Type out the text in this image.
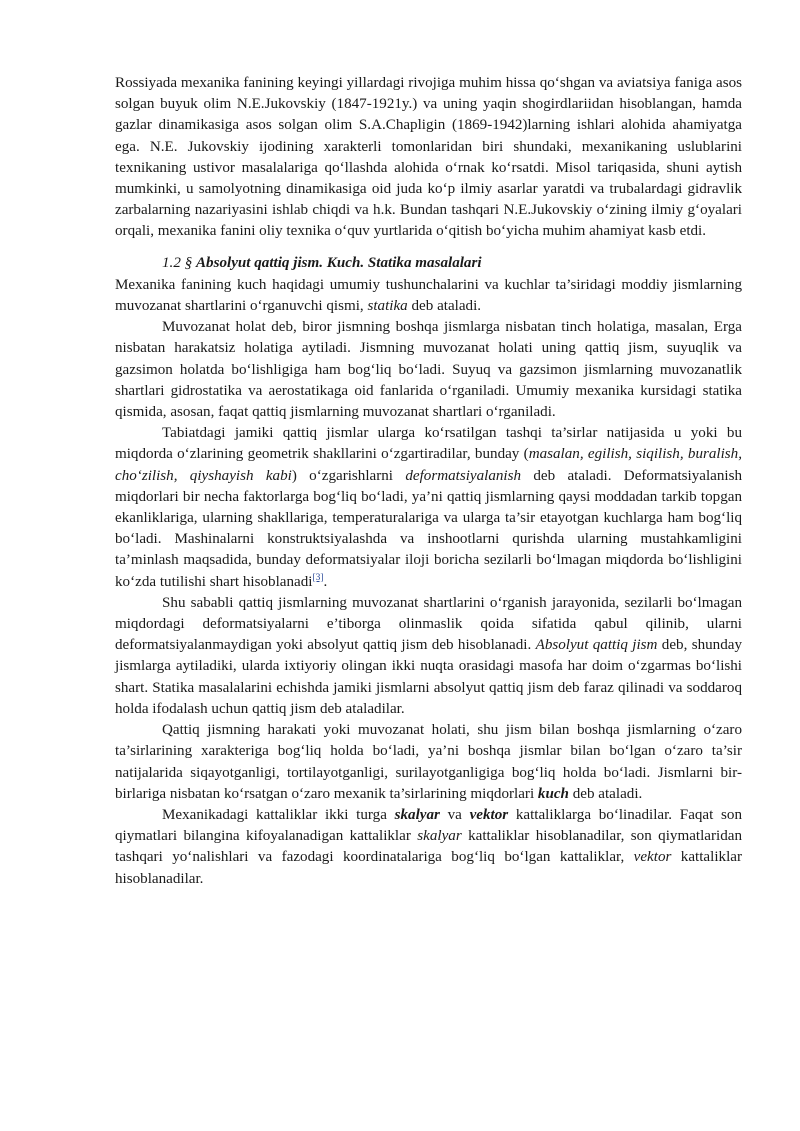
Rossiyada mexanika fanining keyingi yillardagi rivojiga muhim hissa qo‘shgan va aviatsiya faniga asos solgan buyuk olim N.E.Jukovskiy (1847-1921y.) va uning yaqin shogirdlariidan hisoblangan, hamda gazlar dinamikasiga asos solgan olim S.A.Chapligin (1869-1942)larning ishlari alohida ahamiyatga ega. N.E. Jukovskiy ijodining xarakterli tomonlaridan biri shundaki, mexanikaning uslublarini texnikaning ustivor masalalariga qo‘llashda alohida o‘rnak ko‘rsatdi. Misol tariqasida, shuni aytish mumkinki, u samolyotning dinamikasiga oid juda ko‘p ilmiy asarlar yaratdi va trubalardagi gidravlik zarbalarning nazariyasini ishlab chiqdi va h.k. Bundan tashqari N.E.Jukovskiy o‘zining ilmiy g‘oyalari orqali, mexanika fanini oliy texnika o‘quv yurtlarida o‘qitish bo‘yicha muhim ahamiyat kasb etdi.

1.2 § Absolyut qattiq jism. Kuch. Statika masalalari

Mexanika fanining kuch haqidagi umumiy tushunchalarini va kuchlar ta’siridagi moddiy jismlarning muvozanat shartlarini o‘rganuvchi qismi, statika deb ataladi.

Muvozanat holat deb, biror jismning boshqa jismlarga nisbatan tinch holatiga, masalan, Erga nisbatan harakatsiz holatiga aytiladi. Jismning muvozanat holati uning qattiq jism, suyuqlik va gazsimon holatda bo‘lishligiga ham bog‘liq bo‘ladi. Suyuq va gazsimon jismlarning muvozanatlik shartlari gidrostatika va aerostatikaga oid fanlarida o‘rganiladi. Umumiy mexanika kursidagi statika qismida, asosan, faqat qattiq jismlarning muvozanat shartlari o‘rganiladi.

Tabiatdagi jamiki qattiq jismlar ularga ko‘rsatilgan tashqi ta’sirlar natijasida u yoki bu miqdorda o‘zlarining geometrik shakllarini o‘zgartiradilar, bunday (masalan, egilish, siqilish, buralish, cho‘zilish, qiyshayish kabi) o‘zgarishlarni deformatsiyalanish deb ataladi. Deformatsiyalanish miqdorlari bir necha faktorlarga bog‘liq bo‘ladi, ya’ni qattiq jismlarning qaysi moddadan tarkib topgan ekanliklariga, ularning shakllariga, temperaturalariga va ularga ta’sir etayotgan kuchlarga ham bog‘liq bo‘ladi. Mashinalarni konstruktsiyalashda va inshootlarni qurishda ularning mustahkamligini ta’minlash maqsadida, bunday deformatsiyalar iloji boricha sezilarli bo‘lmagan miqdorda bo‘lishligini ko‘zda tutilishi shart hisoblanadi[3].

Shu sababli qattiq jismlarning muvozanat shartlarini o‘rganish jarayonida, sezilarli bo‘lmagan miqdordagi deformatsiyalarni e’tiborga olinmaslik qoida sifatida qabul qilinib, ularni deformatsiyalanmaydigan yoki absolyut qattiq jism deb hisoblanadi. Absolyut qattiq jism deb, shunday jismlarga aytiladiki, ularda ixtiyoriy olingan ikki nuqta orasidagi masofa har doim o‘zgarmas bo‘lishi shart. Statika masalalarini echishda jamiki jismlarni absolyut qattiq jism deb faraz qilinadi va soddaroq holda ifodalash uchun qattiq jism deb ataladilar.

Qattiq jismning harakati yoki muvozanat holati, shu jism bilan boshqa jismlarning o‘zaro ta’sirlarining xarakteriga bog‘liq holda bo‘ladi, ya’ni boshqa jismlar bilan bo‘lgan o‘zaro ta’sir natijalarida siqayotganligi, tortilayotganligi, surilayotganligiga bog‘liq holda bo‘ladi. Jismlarni bir-birlariga nisbatan ko‘rsatgan o‘zaro mexanik ta’sirlarining miqdorlari kuch deb ataladi.

Mexanikadagi kattaliklar ikki turga skalyar va vektor kattaliklarga bo‘linadilar. Faqat son qiymatlari bilangina kifoyalanadigan kattaliklar skalyar kattaliklar hisoblanadilar, son qiymatlaridan tashqari yo‘nalishlari va fazodagi koordinatalariga bog‘liq bo‘lgan kattaliklar, vektor kattaliklar hisoblanadilar.
